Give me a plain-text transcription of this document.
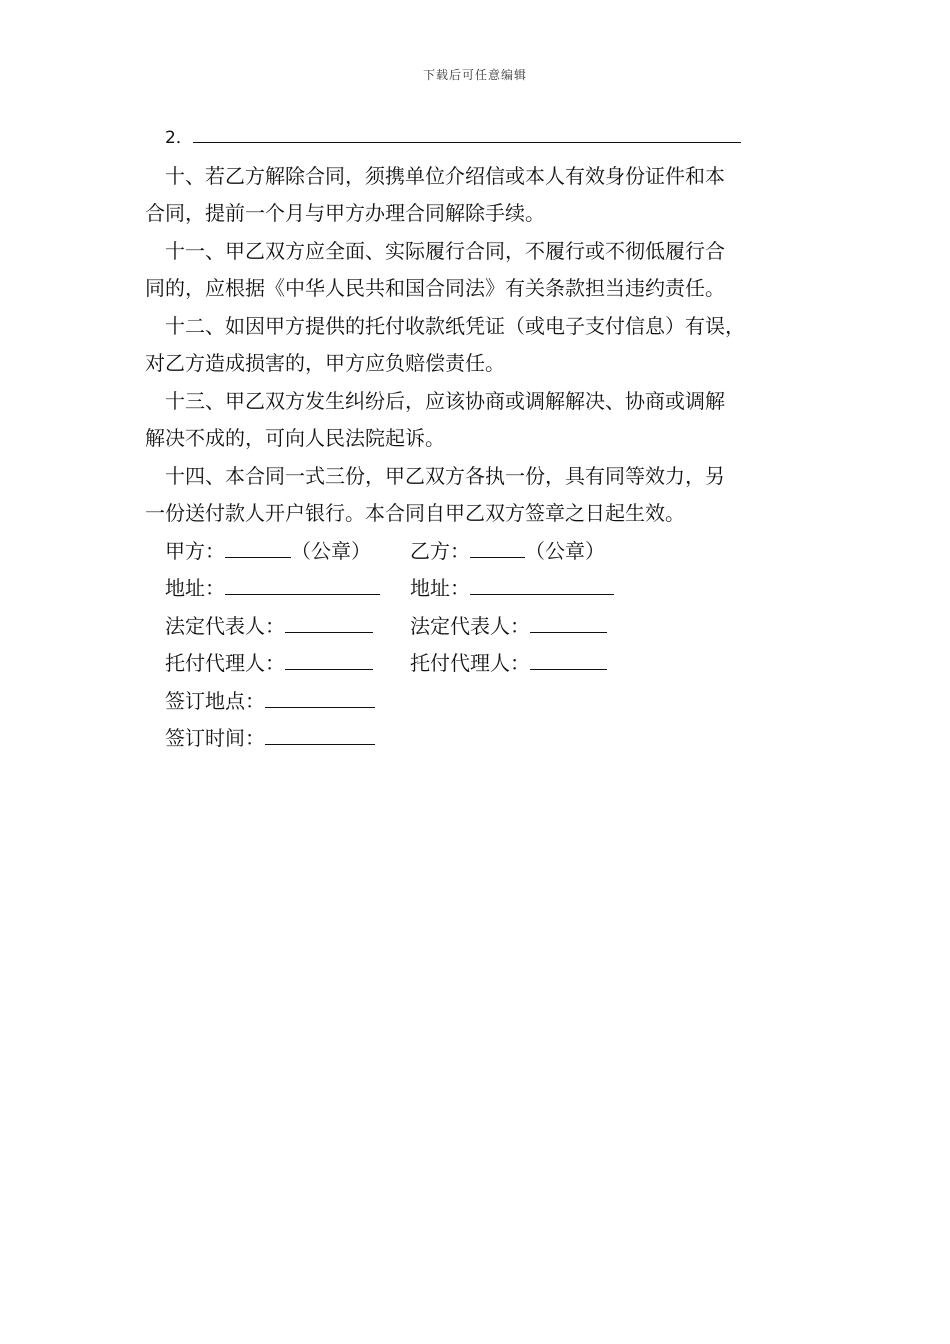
下载后可任意编辑
2．
十、若乙方解除合同，须携单位介绍信或本人有效身份证件和本
合同，提前一个月与甲方办理合同解除手续。
十一、甲乙双方应全面、实际履行合同，不履行或不彻低履行合
同的，应根据《中华人民共和国合同法》有关条款担当违约责任。
十二、如因甲方提供的托付收款纸凭证（或电子支付信息）有误，
对乙方造成损害的，甲方应负赔偿责任。
十三、甲乙双方发生纠纷后，应该协商或调解解决、协商或调解
解决不成的，可向人民法院起诉。
十四、本合同一式三份，甲乙双方各执一份，具有同等效力，另
一份送付款人开户银行。本合同自甲乙双方签章之日起生效。
甲方：	（公章） 乙方：	（公章）
地址：	地址：
法定代表人：	法定代表人：
托付代理人：	托付代理人：
签订地点：
签订时间：
